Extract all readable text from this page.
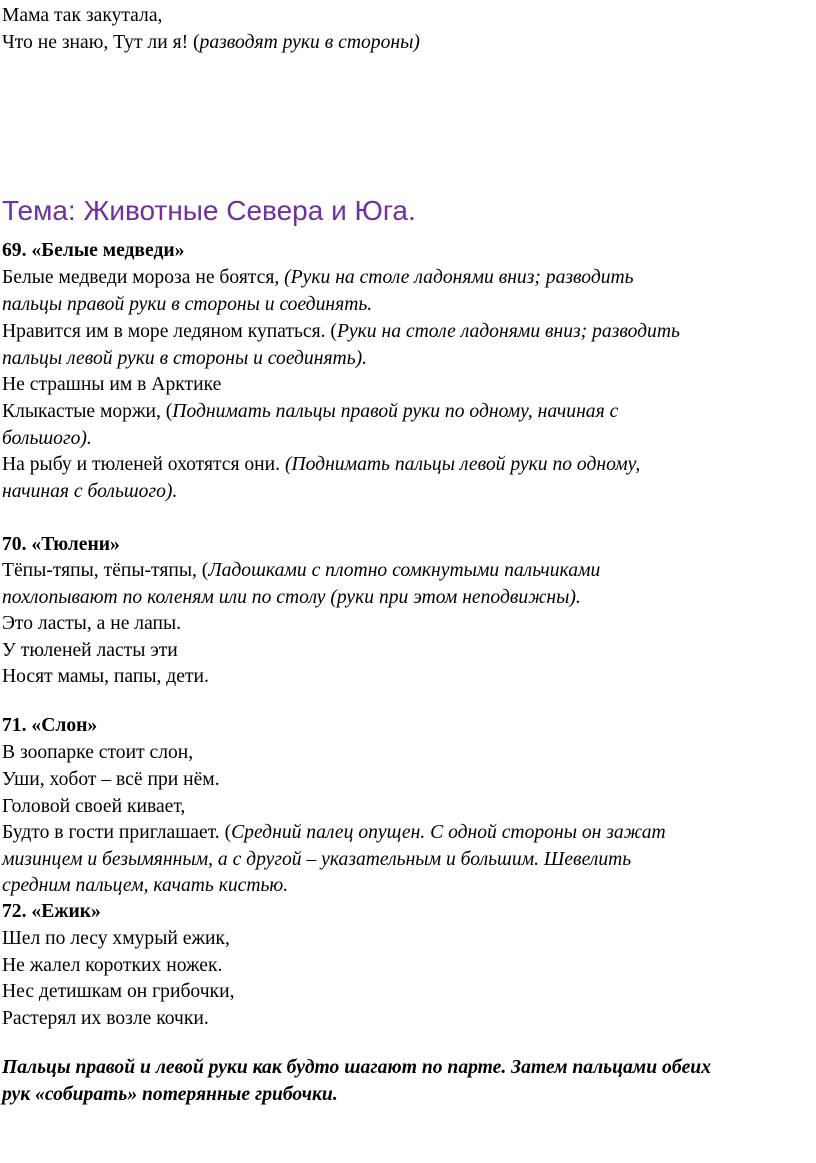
Мама так закутала,
Что не знаю, Тут ли я! (разводят руки в стороны)
Тема: Животные Севера и Юга.
69. «Белые медведи»
Белые медведи мороза не боятся, (Руки на столе ладонями вниз; разводить
пальцы правой руки в стороны и соединять.
Нравится им в море ледяном купаться. (Руки на столе ладонями вниз; разводить
пальцы левой руки в стороны и соединять).
Не страшны им в Арктике
Клыкастые моржи, (Поднимать пальцы правой руки по одному, начиная с
большого).
На рыбу и тюленей охотятся они. (Поднимать пальцы левой руки по одному,
начиная с большого).
70. «Тюлени»
Тёпы-тяпы, тёпы-тяпы, (Ладошками с плотно сомкнутыми пальчиками
похлопывают по коленям или по столу (руки при этом неподвижны).
Это ласты, а не лапы.
У тюленей ласты эти
Носят мамы, папы, дети.
71. «Слон»
В зоопарке стоит слон,
Уши, хобот – всё при нём.
Головой своей кивает,
Будто в гости приглашает. (Средний палец опущен. С одной стороны он зажат
мизинцем и безымянным, а с другой – указательным и большим. Шевелить
средним пальцем, качать кистью.
72. «Ежик»
Шел по лесу хмурый ежик,
Не жалел коротких ножек.
Нес детишкам он грибочки,
Растерял их возле кочки.
Пальцы правой и левой руки как будто шагают по парте. Затем пальцами обеих
рук «собирать» потерянные грибочки.
